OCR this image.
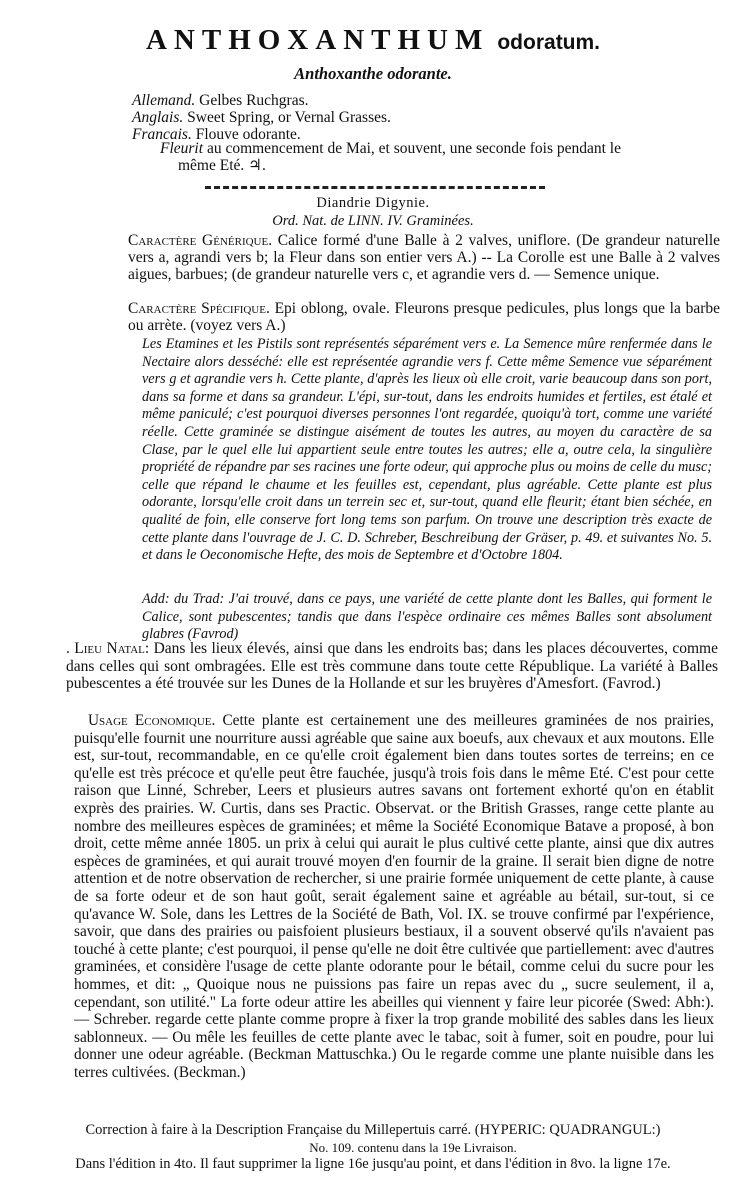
ANTHOXANTHUM odoratum.
Anthoxanthe odorante.
Allemand. Gelbes Ruchgras.
Anglais. Sweet Spring, or Vernal Grasses.
Francais. Flouve odorante.
Fleurit au commencement de Mai, et souvent, une seconde fois pendant le
même Eté. ♃.
Diandrie Digynie.
Ord. Nat. de LINN. IV. Graminées.
Caractère Générique. Calice formé d'une Balle à 2 valves, uniflore. (De grandeur naturelle vers a, agrandi vers b; la Fleur dans son entier vers A.) -- La Corolle est une Balle à 2 valves aigues, barbues; (de grandeur naturelle vers c, et agrandie vers d. — Semence unique.
Caractère Spécifique. Epi oblong, ovale. Fleurons presque pedicules, plus longs que la barbe ou arrète. (voyez vers A.)
Les Etamines et les Pistils sont représentés séparément vers e. La Semence mûre renfermée dans le Nectaire alors desséché: elle est représentée agrandie vers f. Cette même Semence vue séparément vers g et agrandie vers h. Cette plante, d'après les lieux où elle croit, varie beaucoup dans son port, dans sa forme et dans sa grandeur. L'épi, sur-tout, dans les endroits humides et fertiles, est étalé et même paniculé; c'est pourquoi diverses personnes l'ont regardée, quoiqu'à tort, comme une variété réelle. Cette graminée se distingue aisément de toutes les autres, au moyen du caractère de sa Clase, par le quel elle lui appartient seule entre toutes les autres; elle a, outre cela, la singulière propriété de répandre par ses racines une forte odeur, qui approche plus ou moins de celle du musc; celle que répand le chaume et les feuilles est, cependant, plus agréable. Cette plante est plus odorante, lorsqu'elle croit dans un terrein sec et, sur-tout, quand elle fleurit; étant bien séchée, en qualité de foin, elle conserve fort long tems son parfum. On trouve une description très exacte de cette plante dans l'ouvrage de J. C. D. Schreber, Beschreibung der Gräser, p. 49. et suivantes No. 5. et dans le Oeconomische Hefte, des mois de Septembre et d'Octobre 1804.
Add: du Trad: J'ai trouvé, dans ce pays, une variété de cette plante dont les Balles, qui forment le Calice, sont pubescentes; tandis que dans l'espèce ordinaire ces mêmes Balles sont absolument glabres (Favrod)
. Lieu Natal: Dans les lieux élevés, ainsi que dans les endroits bas; dans les places découvertes, comme dans celles qui sont ombragées. Elle est très commune dans toute cette République. La variété à Balles pubescentes a été trouvée sur les Dunes de la Hollande et sur les bruyères d'Amesfort. (Favrod.)
Usage Economique. Cette plante est certainement une des meilleures graminées de nos prairies, puisqu'elle fournit une nourriture aussi agréable que saine aux boeufs, aux chevaux et aux moutons. Elle est, sur-tout, recommandable, en ce qu'elle croit également bien dans toutes sortes de terreins; en ce qu'elle est très précoce et qu'elle peut être fauchée, jusqu'à trois fois dans le même Eté. C'est pour cette raison que Linné, Schreber, Leers et plusieurs autres savans ont fortement exhorté qu'on en établit exprès des prairies. W. Curtis, dans ses Practic. Observat. or the British Grasses, range cette plante au nombre des meilleures espèces de graminées; et même la Société Economique Batave a proposé, à bon droit, cette même année 1805. un prix à celui qui aurait le plus cultivé cette plante, ainsi que dix autres espèces de graminées, et qui aurait trouvé moyen d'en fournir de la graine. Il serait bien digne de notre attention et de notre observation de rechercher, si une prairie formée uniquement de cette plante, à cause de sa forte odeur et de son haut goût, serait également saine et agréable au bétail, sur-tout, si ce qu'avance W. Sole, dans les Lettres de la Société de Bath, Vol. IX. se trouve confirmé par l'expérience, savoir, que dans des prairies ou paisfoient plusieurs bestiaux, il a souvent observé qu'ils n'avaient pas touché à cette plante; c'est pourquoi, il pense qu'elle ne doit être cultivée que partiellement: avec d'autres graminées, et considère l'usage de cette plante odorante pour le bétail, comme celui du sucre pour les hommes, et dit: „ Quoique nous ne puissions pas faire un repas avec du „ sucre seulement, il a, cependant, son utilité." La forte odeur attire les abeilles qui viennent y faire leur picorée (Swed: Abh:).— Schreber. regarde cette plante comme propre à fixer la trop grande mobilité des sables dans les lieux sablonneux. — Ou mêle les feuilles de cette plante avec le tabac, soit à fumer, soit en poudre, pour lui donner une odeur agréable. (Beckman Mattuschka.) Ou le regarde comme une plante nuisible dans les terres cultivées. (Beckman.)
Correction à faire à la Description Française du Millepertuis carré. (HYPERIC: QUADRANGUL:)
No. 109. contenu dans la 19e Livraison.
Dans l'édition in 4to. Il faut supprimer la ligne 16e jusqu'au point, et dans l'édition in 8vo. la ligne 17e.
